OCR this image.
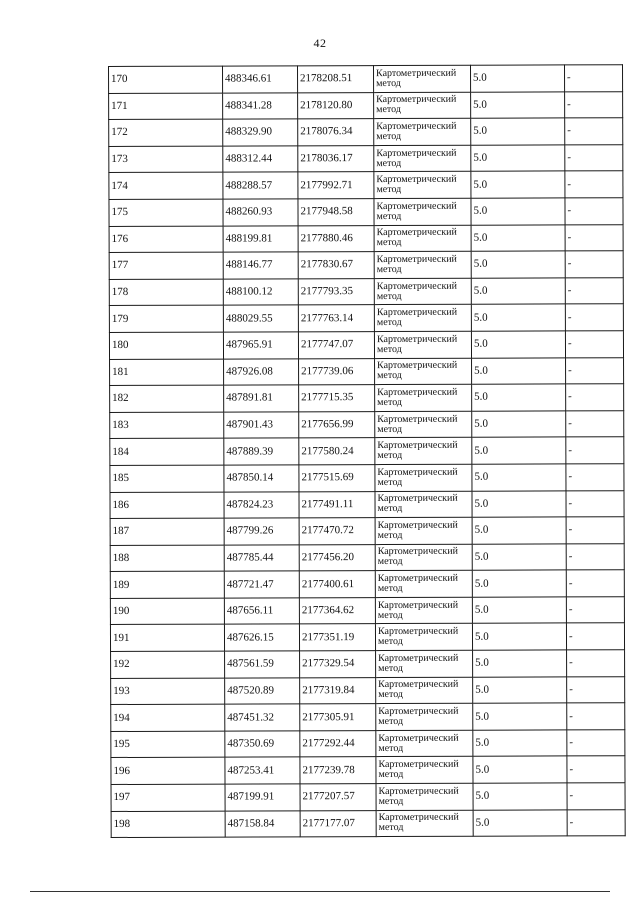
42
170	488346.61	2178208.51	Картометрический метод	5.0	-
171	488341.28	2178120.80	Картометрический метод	5.0	-
172	488329.90	2178076.34	Картометрический метод	5.0	-
173	488312.44	2178036.17	Картометрический метод	5.0	-
174	488288.57	2177992.71	Картометрический метод	5.0	-
175	488260.93	2177948.58	Картометрический метод	5.0	-
176	488199.81	2177880.46	Картометрический метод	5.0	-
177	488146.77	2177830.67	Картометрический метод	5.0	-
178	488100.12	2177793.35	Картометрический метод	5.0	-
179	488029.55	2177763.14	Картометрический метод	5.0	-
180	487965.91	2177747.07	Картометрический метод	5.0	-
181	487926.08	2177739.06	Картометрический метод	5.0	-
182	487891.81	2177715.35	Картометрический метод	5.0	-
183	487901.43	2177656.99	Картометрический метод	5.0	-
184	487889.39	2177580.24	Картометрический метод	5.0	-
185	487850.14	2177515.69	Картометрический метод	5.0	-
186	487824.23	2177491.11	Картометрический метод	5.0	-
187	487799.26	2177470.72	Картометрический метод	5.0	-
188	487785.44	2177456.20	Картометрический метод	5.0	-
189	487721.47	2177400.61	Картометрический метод	5.0	-
190	487656.11	2177364.62	Картометрический метод	5.0	-
191	487626.15	2177351.19	Картометрический метод	5.0	-
192	487561.59	2177329.54	Картометрический метод	5.0	-
193	487520.89	2177319.84	Картометрический метод	5.0	-
194	487451.32	2177305.91	Картометрический метод	5.0	-
195	487350.69	2177292.44	Картометрический метод	5.0	-
196	487253.41	2177239.78	Картометрический метод	5.0	-
197	487199.91	2177207.57	Картометрический метод	5.0	-
198	487158.84	2177177.07	Картометрический метод	5.0	-
